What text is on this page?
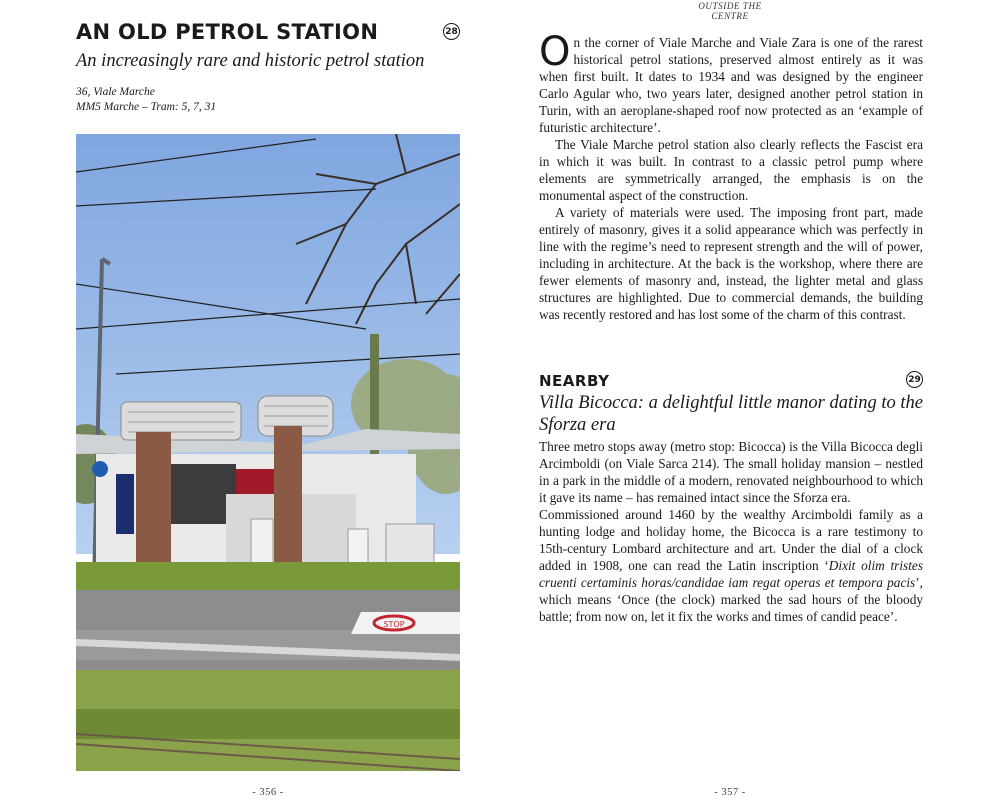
OUTSIDE THE CENTRE
AN OLD PETROL STATION	28
An increasingly rare and historic petrol station
36, Viale Marche
MM5 Marche – Tram: 5, 7, 31
STOP
- 356 -

On the corner of Viale Marche and Viale Zara is one of the rarest historical petrol stations, preserved almost entirely as it was when first built. It dates to 1934 and was designed by the engineer Carlo Agular who, two years later, designed another petrol station in Turin, with an aeroplane-shaped roof now protected as an ‘example of futuristic architecture’.

The Viale Marche petrol station also clearly reflects the Fascist era in which it was built. In contrast to a classic petrol pump where elements are symmetrically arranged, the emphasis is on the monumental aspect of the construction.

A variety of materials were used. The imposing front part, made entirely of masonry, gives it a solid appearance which was perfectly in line with the regime’s need to represent strength and the will of power, including in architecture. At the back is the workshop, where there are fewer elements of masonry and, instead, the lighter metal and glass structures are highlighted. Due to commercial demands, the building was recently restored and has lost some of the charm of this contrast.

NEARBY	29
Villa Bicocca: a delightful little manor dating to the Sforza era

Three metro stops away (metro stop: Bicocca) is the Villa Bicocca degli Arcimboldi (on Viale Sarca 214). The small holiday mansion – nestled in a park in the middle of a modern, renovated neighbourhood to which it gave its name – has remained intact since the Sforza era.

Commissioned around 1460 by the wealthy Arcimboldi family as a hunting lodge and holiday home, the Bicocca is a rare testimony to 15th-century Lombard architecture and art. Under the dial of a clock added in 1908, one can read the Latin inscription ‘Dixit olim tristes cruenti certaminis horas/candidae iam regat operas et tempora pacis’, which means ‘Once (the clock) marked the sad hours of the bloody battle; from now on, let it fix the works and times of candid peace’.

- 357 -
